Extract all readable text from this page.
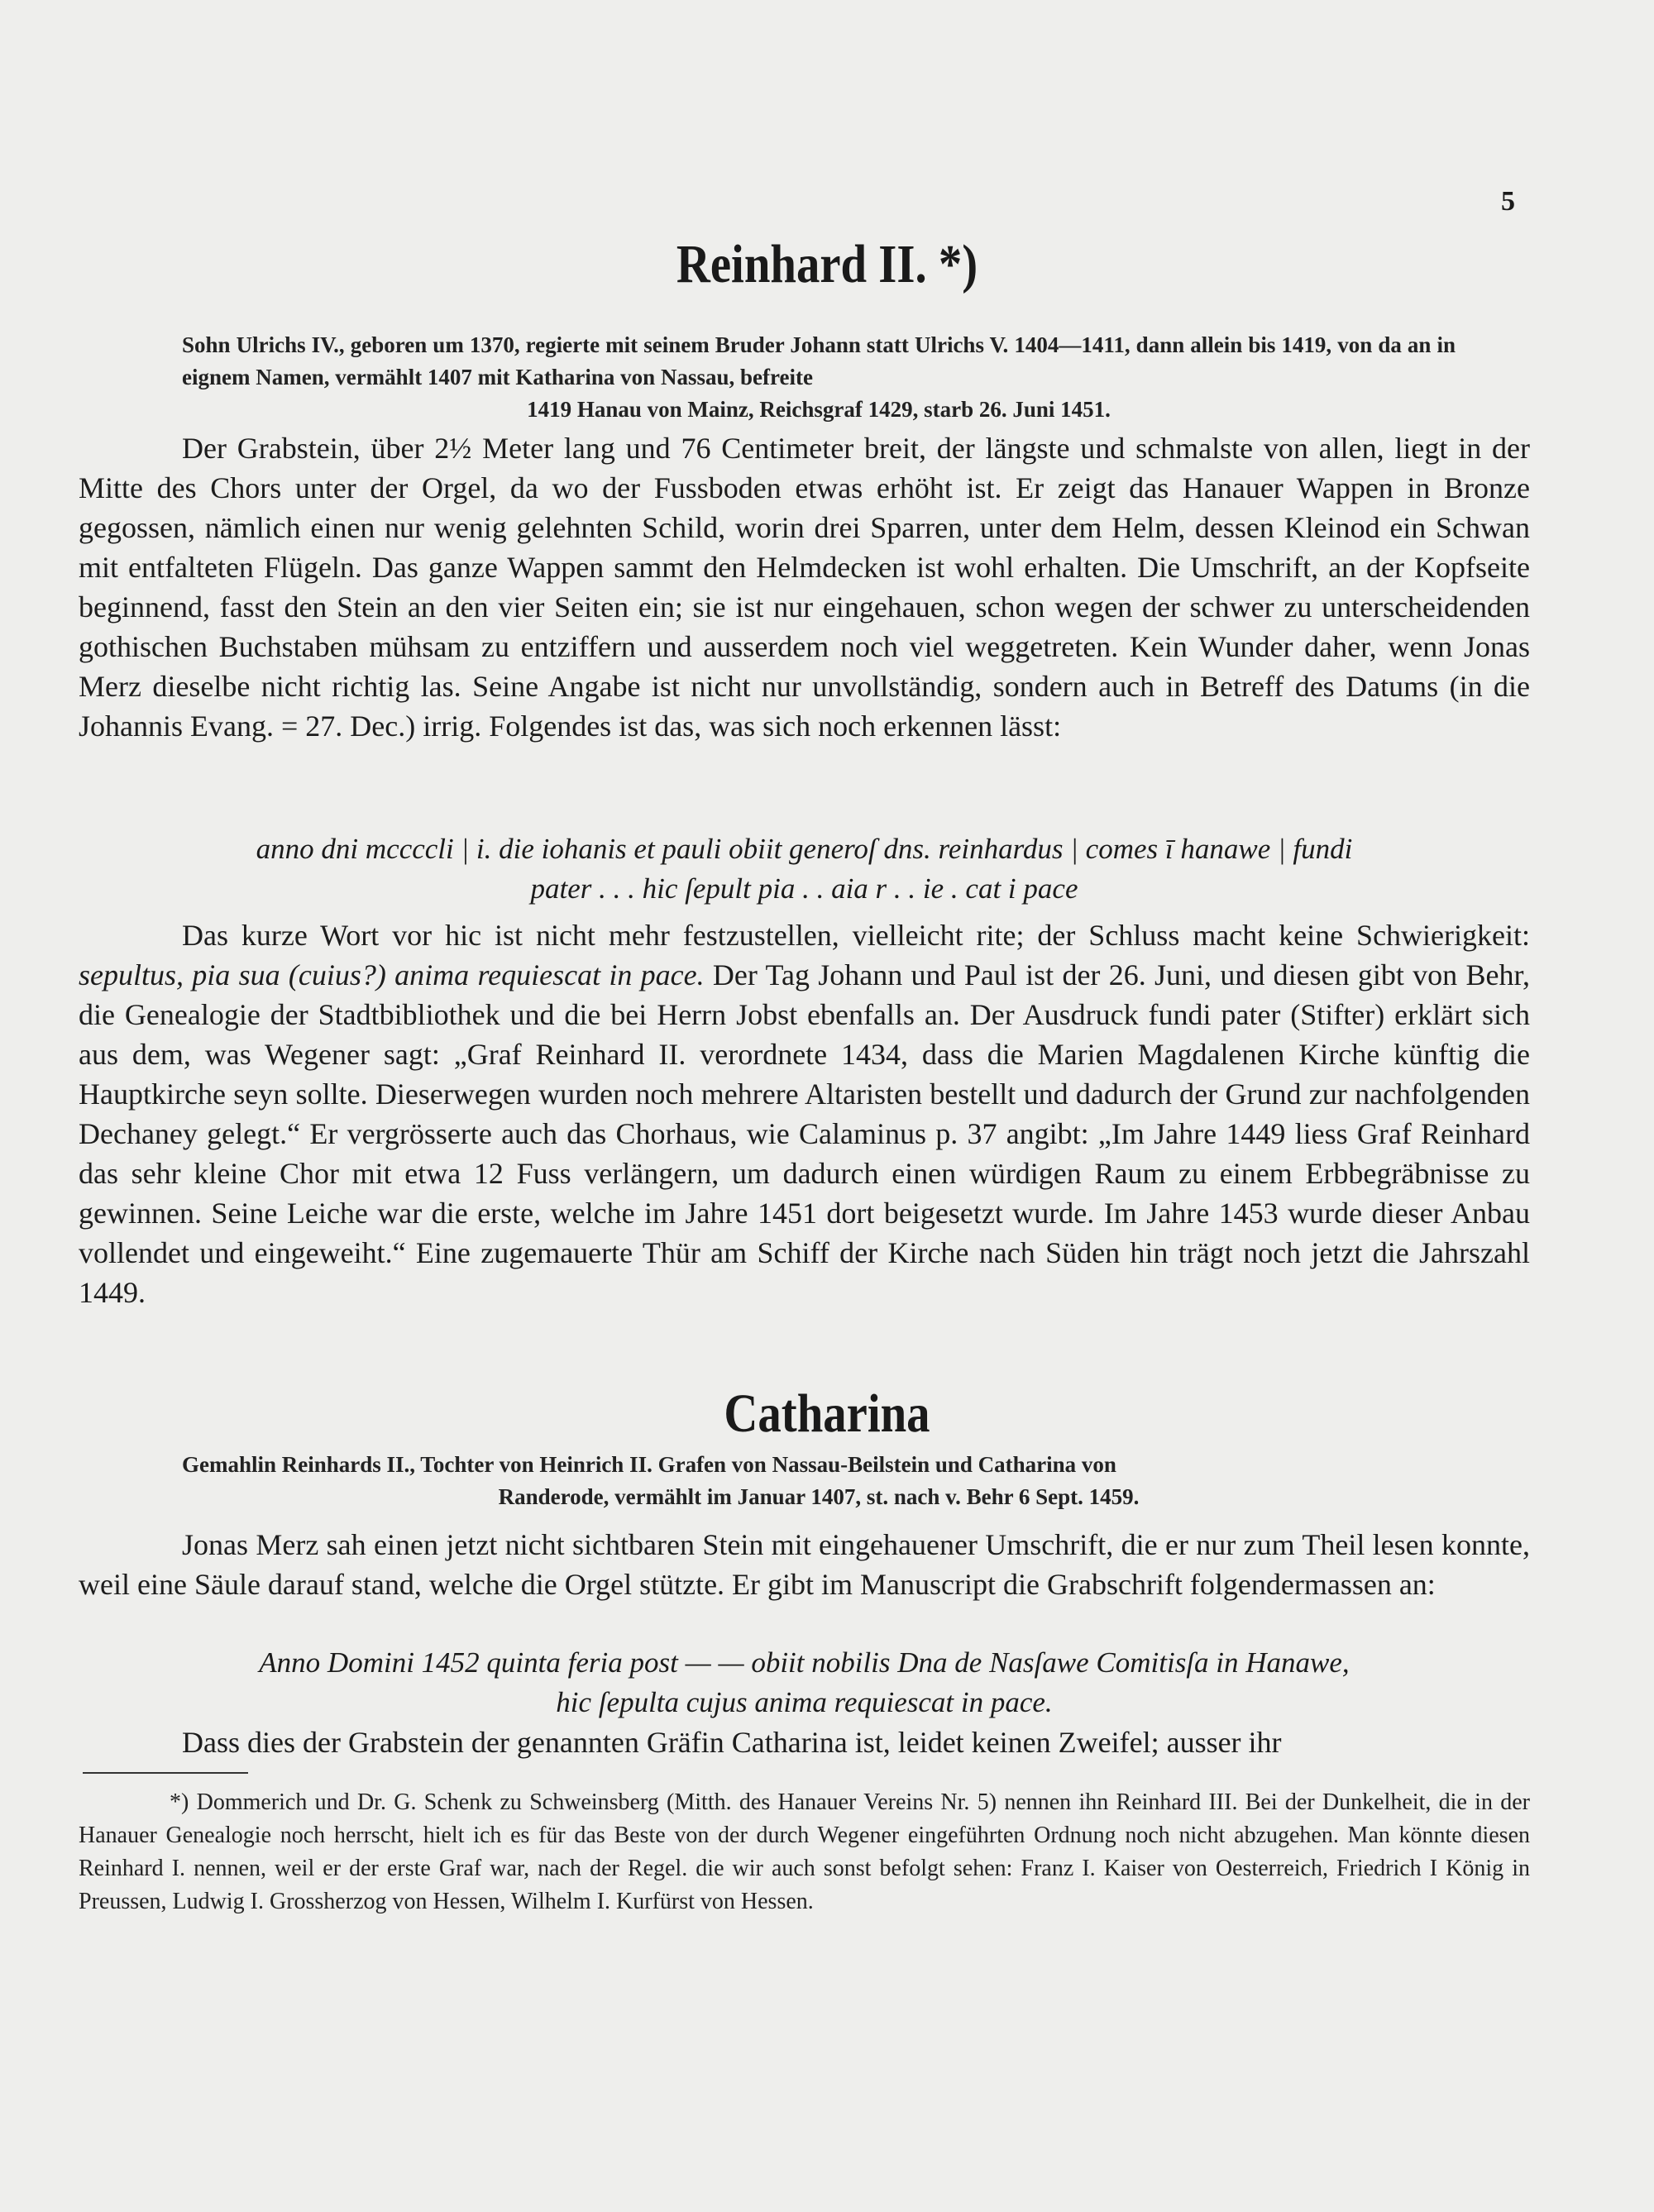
5
Reinhard II. *)
Sohn Ulrichs IV., geboren um 1370, regierte mit seinem Bruder Johann statt Ulrichs V. 1404—1411, dann allein bis 1419, von da an in eignem Namen, vermählt 1407 mit Katharina von Nassau, befreite
1419 Hanau von Mainz, Reichsgraf 1429, starb 26. Juni 1451.

Der Grabstein, über 2½ Meter lang und 76 Centimeter breit, der längste und schmalste von allen, liegt in der Mitte des Chors unter der Orgel, da wo der Fussboden etwas erhöht ist. Er zeigt das Hanauer Wappen in Bronze gegossen, nämlich einen nur wenig gelehnten Schild, worin drei Sparren, unter dem Helm, dessen Kleinod ein Schwan mit entfalteten Flügeln. Das ganze Wappen sammt den Helmdecken ist wohl erhalten. Die Umschrift, an der Kopfseite beginnend, fasst den Stein an den vier Seiten ein; sie ist nur eingehauen, schon wegen der schwer zu unterscheidenden gothischen Buchstaben mühsam zu entziffern und ausserdem noch viel weggetreten. Kein Wunder daher, wenn Jonas Merz dieselbe nicht richtig las. Seine Angabe ist nicht nur unvollständig, sondern auch in Betreff des Datums (in die Johannis Evang. = 27. Dec.) irrig. Folgendes ist das, was sich noch erkennen lässt:

anno dni mcccclі | i. die iohanis et pauli obiit generoſ dns. reinhardus | comes ī hanawe | fundi
pater . . . hic ſepult pia . . aia r . . ie . cat i pace

Das kurze Wort vor hic ist nicht mehr festzustellen, vielleicht rite; der Schluss macht keine Schwierigkeit: sepultus, pia sua (cuius?) anima requiescat in pace. Der Tag Johann und Paul ist der 26. Juni, und diesen gibt von Behr, die Genealogie der Stadtbibliothek und die bei Herrn Jobst ebenfalls an. Der Ausdruck fundi pater (Stifter) erklärt sich aus dem, was Wegener sagt: „Graf Reinhard II. verordnete 1434, dass die Marien Magdalenen Kirche künftig die Hauptkirche seyn sollte. Dieserwegen wurden noch mehrere Altaristen bestellt und dadurch der Grund zur nachfolgenden Dechaney gelegt.“ Er vergrösserte auch das Chorhaus, wie Calaminus p. 37 angibt: „Im Jahre 1449 liess Graf Reinhard das sehr kleine Chor mit etwa 12 Fuss verlängern, um dadurch einen würdigen Raum zu einem Erbbegräbnisse zu gewinnen. Seine Leiche war die erste, welche im Jahre 1451 dort beigesetzt wurde. Im Jahre 1453 wurde dieser Anbau vollendet und eingeweiht.“ Eine zugemauerte Thür am Schiff der Kirche nach Süden hin trägt noch jetzt die Jahrszahl 1449.

Catharina
Gemahlin Reinhards II., Tochter von Heinrich II. Grafen von Nassau-Beilstein und Catharina von
Randerode, vermählt im Januar 1407, st. nach v. Behr 6 Sept. 1459.

Jonas Merz sah einen jetzt nicht sichtbaren Stein mit eingehauener Umschrift, die er nur zum Theil lesen konnte, weil eine Säule darauf stand, welche die Orgel stützte. Er gibt im Manuscript die Grabschrift folgendermassen an:

Anno Domini 1452 quinta feria post — — obiit nobilis Dna de Nasſawe Comitisſa in Hanawe,
hic ſepulta cujus anima requiescat in pace.

Dass dies der Grabstein der genannten Gräfin Catharina ist, leidet keinen Zweifel; ausser ihr

*) Dommerich und Dr. G. Schenk zu Schweinsberg (Mitth. des Hanauer Vereins Nr. 5) nennen ihn Reinhard III. Bei der Dunkelheit, die in der Hanauer Genealogie noch herrscht, hielt ich es für das Beste von der durch Wegener eingeführten Ordnung noch nicht abzugehen. Man könnte diesen Reinhard I. nennen, weil er der erste Graf war, nach der Regel. die wir auch sonst befolgt sehen: Franz I. Kaiser von Oesterreich, Friedrich I König in Preussen, Ludwig I. Grossherzog von Hessen, Wilhelm I. Kurfürst von Hessen.
